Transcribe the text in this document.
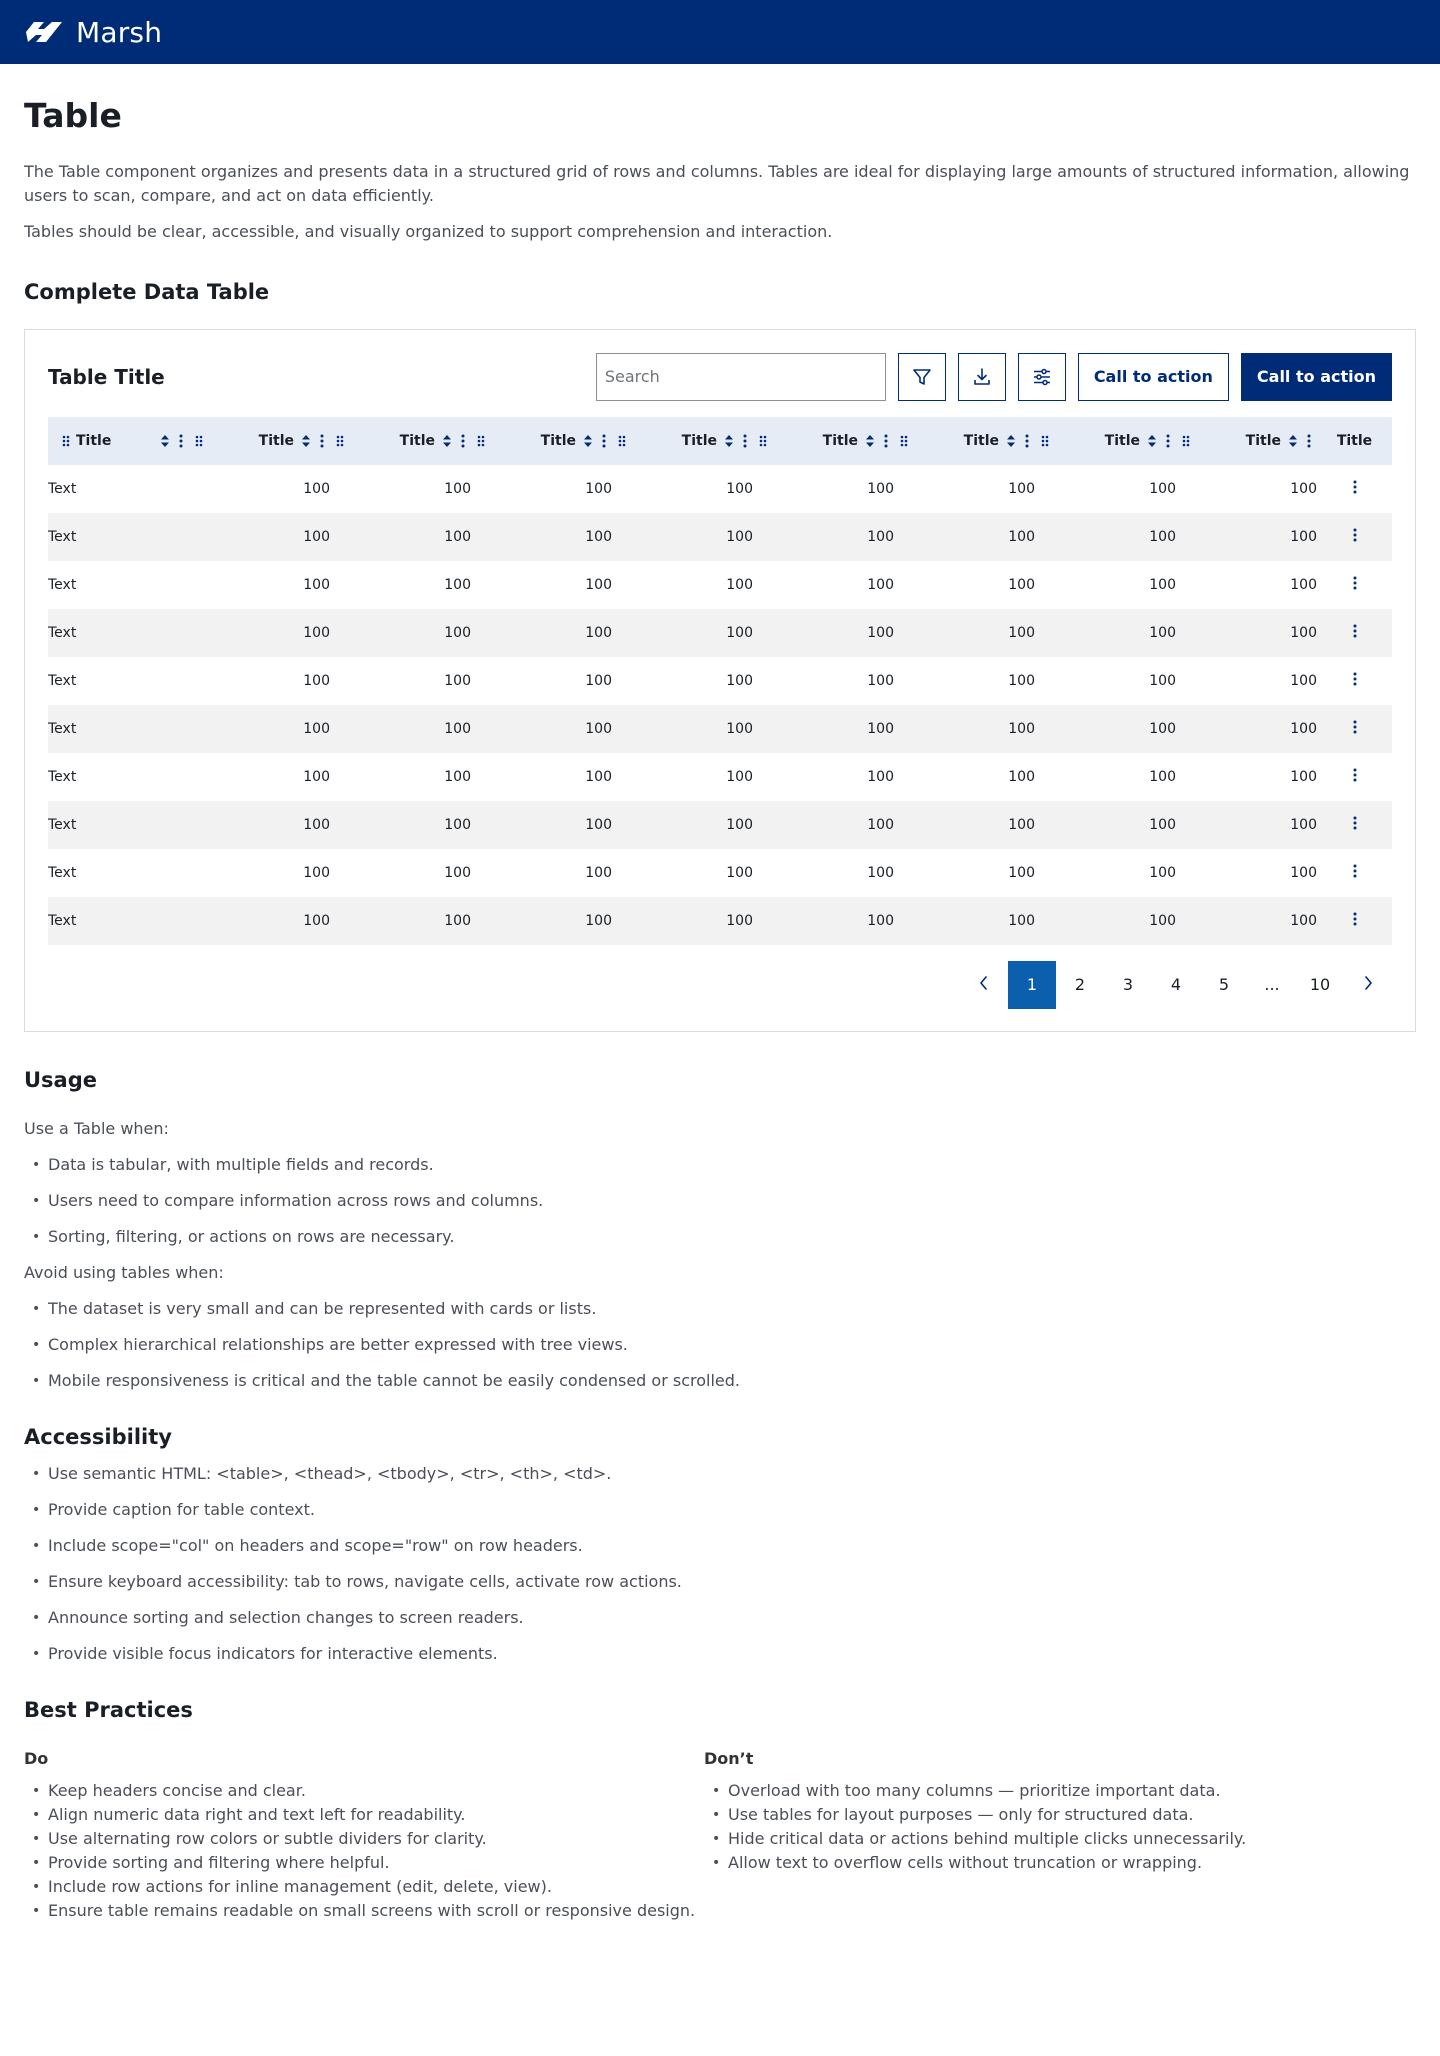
Marsh
Table

The Table component organizes and presents data in a structured grid of rows and columns. Tables are ideal for displaying large amounts of structured information, allowing users to scan, compare, and act on data efficiently.

Tables should be clear, accessible, and visually organized to support comprehension and interaction.

Complete Data Table
Table Title
Search	Call to action	Call to action
Title	Title	Title	Title	Title	Title	Title	Title	Title	Title

Text	100	100	100	100	100	100	100	100	

Text	100	100	100	100	100	100	100	100	

Text	100	100	100	100	100	100	100	100	

Text	100	100	100	100	100	100	100	100	

Text	100	100	100	100	100	100	100	100	

Text	100	100	100	100	100	100	100	100	

Text	100	100	100	100	100	100	100	100	

Text	100	100	100	100	100	100	100	100	

Text	100	100	100	100	100	100	100	100	

Text	100	100	100	100	100	100	100	100	
1	2	3	4	5	...	10
Usage

Use a Table when:

• Data is tabular, with multiple fields and records.
• Users need to compare information across rows and columns.
• Sorting, filtering, or actions on rows are necessary.

Avoid using tables when:

• The dataset is very small and can be represented with cards or lists.
• Complex hierarchical relationships are better expressed with tree views.
• Mobile responsiveness is critical and the table cannot be easily condensed or scrolled.
Accessibility
• Use semantic HTML: <table>, <thead>, <tbody>, <tr>, <th>, <td>.
• Provide caption for table context.
• Include scope="col" on headers and scope="row" on row headers.
• Ensure keyboard accessibility: tab to rows, navigate cells, activate row actions.
• Announce sorting and selection changes to screen readers.
• Provide visible focus indicators for interactive elements.
Best Practices
Do
• Keep headers concise and clear.
• Align numeric data right and text left for readability.
• Use alternating row colors or subtle dividers for clarity.
• Provide sorting and filtering where helpful.
• Include row actions for inline management (edit, delete, view).
• Ensure table remains readable on small screens with scroll or responsive design.
Don’t
• Overload with too many columns — prioritize important data.
• Use tables for layout purposes — only for structured data.
• Hide critical data or actions behind multiple clicks unnecessarily.
• Allow text to overflow cells without truncation or wrapping.
